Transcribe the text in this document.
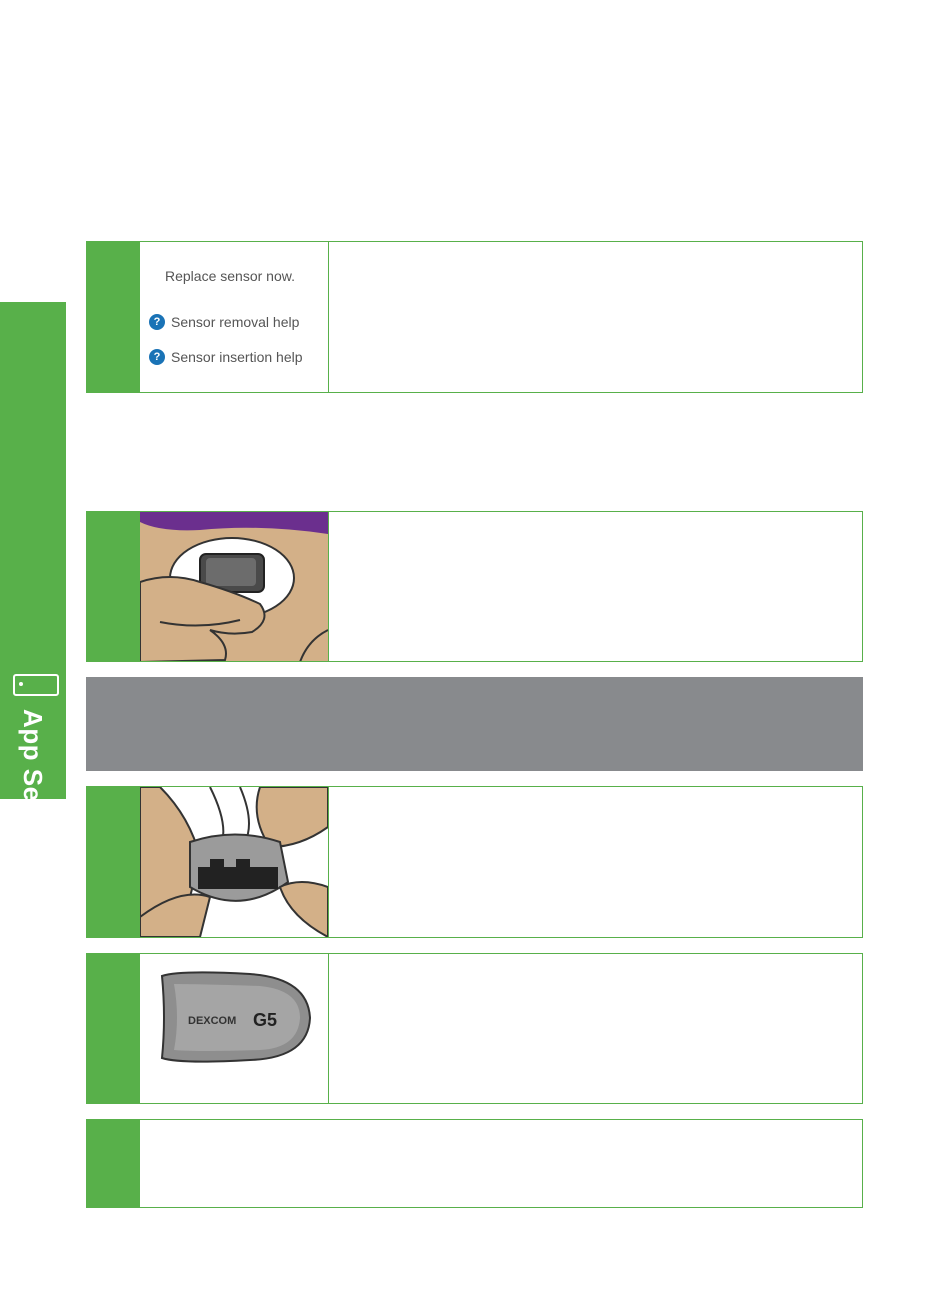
App Setup & Operation
Replace sensor now.
? Sensor removal help
? Sensor insertion help
DEXCOM G5
